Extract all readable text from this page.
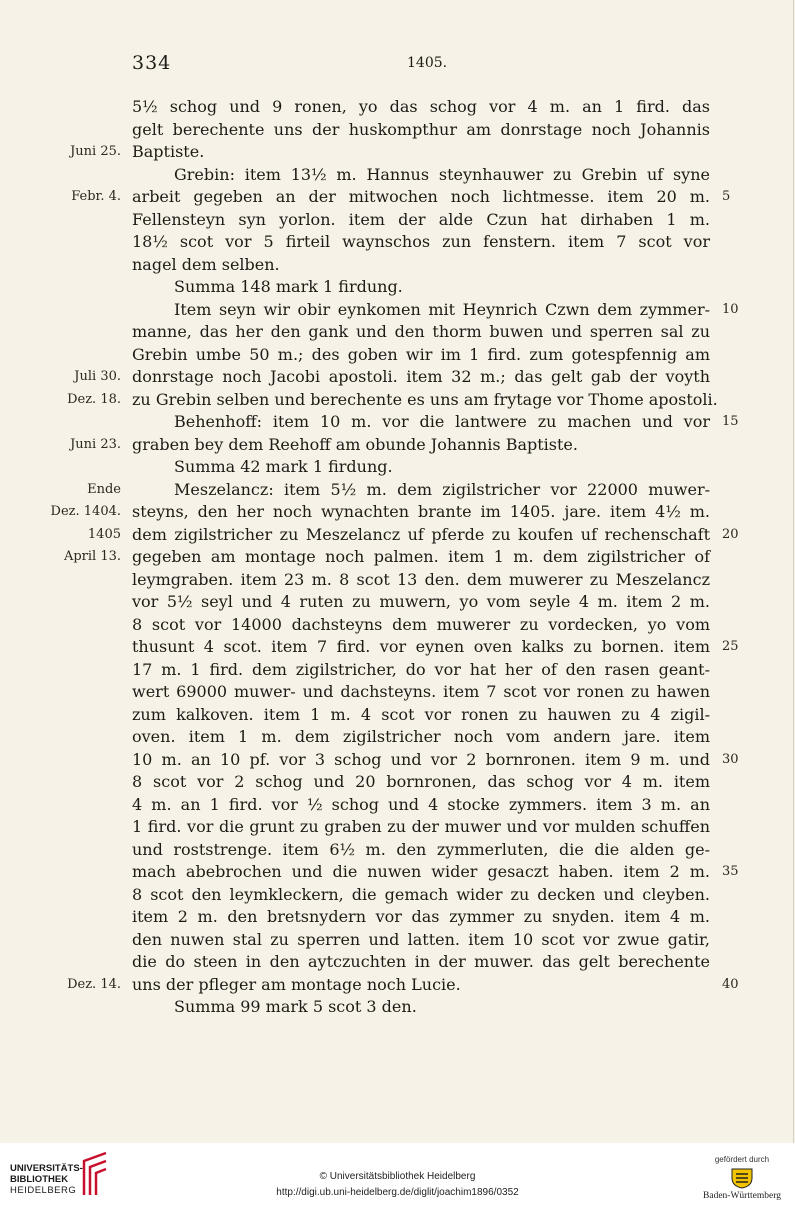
334	1405.
5½ schog und 9 ronen, yo das schog vor 4 m. an 1 fird. das
gelt berechente uns der huskompthur am donrstage noch Johannis
Juni 25. Baptiste.
Grebin: item 13½ m. Hannus steynhauwer zu Grebin uf syne
Febr. 4. arbeit gegeben an der mitwochen noch lichtmesse. item 20 m. 5
Fellensteyn syn yorlon. item der alde Czun hat dirhaben 1 m.
18½ scot vor 5 firteil waynschos zun fenstern. item 7 scot vor
nagel dem selben.
Summa 148 mark 1 firdung.
Item seyn wir obir eynkomen mit Heynrich Czwn dem zymmer- 10
manne, das her den gank und den thorm buwen und sperren sal zu
Grebin umbe 50 m.; des goben wir im 1 fird. zum gotespfennig am
Juli 30. donrstage noch Jacobi apostoli. item 32 m.; das gelt gab der voyth
Dez. 18. zu Grebin selben und berechente es uns am frytage vor Thome apostoli.
Behenhoff: item 10 m. vor die lantwere zu machen und vor 15
Juni 23. graben bey dem Reehoff am obunde Johannis Baptiste.
Summa 42 mark 1 firdung.
Ende	Meszelancz: item 5½ m. dem zigilstricher vor 22000 muwer-
Dez. 1404. steyns, den her noch wynachten brante im 1405. jare. item 4½ m.
1405 dem zigilstricher zu Meszelancz uf pferde zu koufen uf rechenschaft 20
April 13. gegeben am montage noch palmen. item 1 m. dem zigilstricher of
leymgraben. item 23 m. 8 scot 13 den. dem muwerer zu Meszelancz
vor 5½ seyl und 4 ruten zu muwern, yo vom seyle 4 m. item 2 m.
8 scot vor 14000 dachsteyns dem muwerer zu vordecken, yo vom
thusunt 4 scot. item 7 fird. vor eynen oven kalks zu bornen. item 25
17 m. 1 fird. dem zigilstricher, do vor hat her of den rasen geant-
wert 69000 muwer- und dachsteyns. item 7 scot vor ronen zu hawen
zum kalkoven. item 1 m. 4 scot vor ronen zu hauwen zu 4 zigil-
oven. item 1 m. dem zigilstricher noch vom andern jare. item
10 m. an 10 pf. vor 3 schog und vor 2 bornronen. item 9 m. und 30
8 scot vor 2 schog und 20 bornronen, das schog vor 4 m. item
4 m. an 1 fird. vor ½ schog und 4 stocke zymmers. item 3 m. an
1 fird. vor die grunt zu graben zu der muwer und vor mulden schuffen
und roststrenge. item 6½ m. den zymmerluten, die die alden ge-
mach abebrochen und die nuwen wider gesaczt haben. item 2 m. 35
8 scot den leymkleckern, die gemach wider zu decken und cleyben.
item 2 m. den bretsnydern vor das zymmer zu snyden. item 4 m.
den nuwen stal zu sperren und latten. item 10 scot vor zwue gatir,
die do steen in den aytczuchten in der muwer. das gelt berechente
Dez. 14. uns der pfleger am montage noch Lucie.	40
Summa 99 mark 5 scot 3 den.
UNIVERSITÄTS-
BIBLIOTHEK
HEIDELBERG
© Universitätsbibliothek Heidelberg
http://digi.ub.uni-heidelberg.de/diglit/joachim1896/0352
gefördert durch
Baden-Württemberg
